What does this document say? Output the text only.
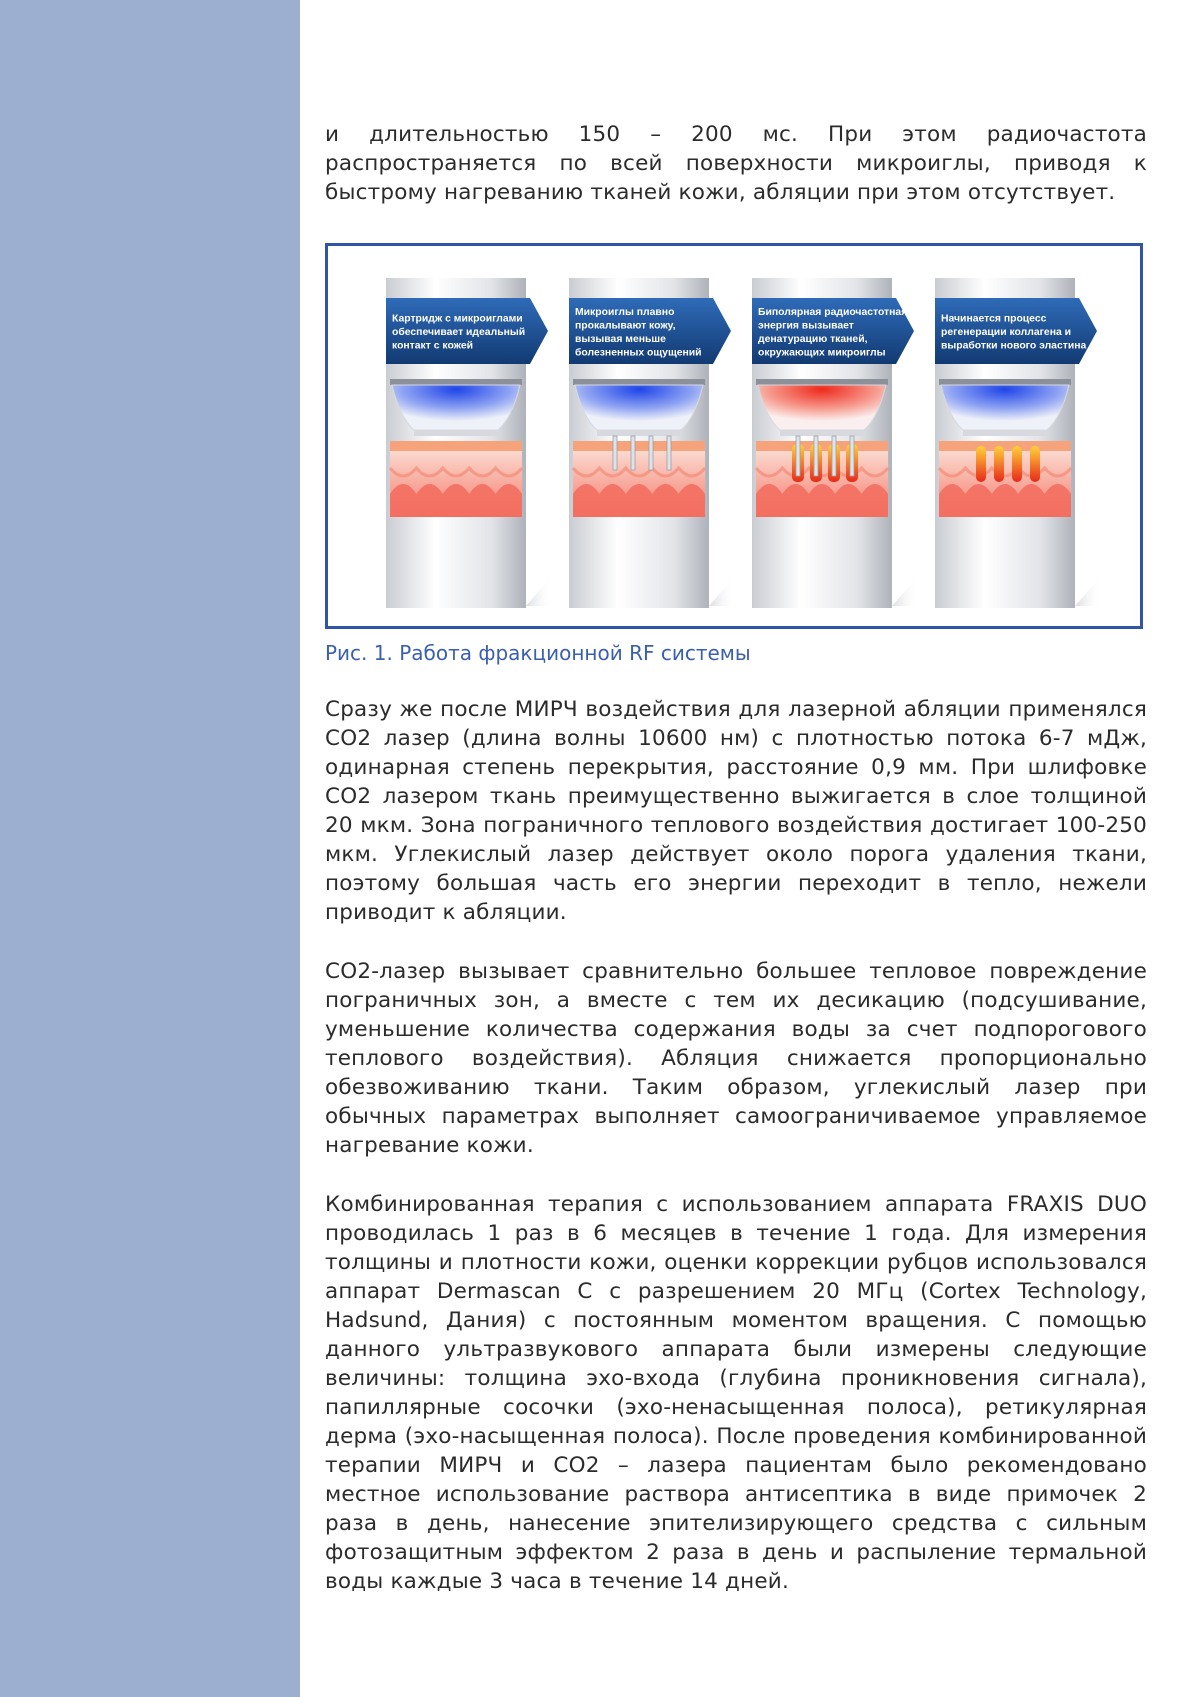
и длительностью 150 – 200 мс. При этом радиочастота распространяется по всей поверхности микроиглы, приводя к быстрому нагреванию тканей кожи, абляции при этом отсутствует.

Картридж с микроиглами
обеспечивает идеальный
контакт с кожей
Микроиглы плавно
прокалывают кожу,
вызывая меньше
болезненных ощущений
Биполярная радиочастотная
энергия вызывает
денатурацию тканей,
окружающих микроиглы
Начинается процесс
регенерации коллагена и
выработки нового эластина

Рис. 1. Работа фракционной RF системы

Сразу же после МИРЧ воздействия для лазерной абляции применялся СО2 лазер (длина волны 10600 нм) с плотностью потока 6-7 мДж, одинарная степень перекрытия, расстояние 0,9 мм. При шлифовке СО2 лазером ткань преимущественно выжигается в слое толщиной 20 мкм. Зона пограничного теплового воздействия достигает 100-250 мкм. Углекислый лазер действует около порога удаления ткани, поэтому большая часть его энергии переходит в тепло, нежели приводит к абляции.

СО2-лазер вызывает сравнительно большее тепловое повреждение пограничных зон, а вместе с тем их десикацию (подсушивание, уменьшение количества содержания воды за счет подпорогового теплового воздействия). Абляция снижается пропорционально обезвоживанию ткани. Таким образом, углекислый лазер при обычных параметрах выполняет самоограничиваемое управляемое нагревание кожи.

Комбинированная терапия с использованием аппарата FRAXIS DUO проводилась 1 раз в 6 месяцев в течение 1 года. Для измерения толщины и плотности кожи, оценки коррекции рубцов использовался аппарат Dermascan C с разрешением 20 МГц (Cortex Technology, Hadsund, Дания) с постоянным моментом вращения. С помощью данного ультразвукового аппарата были измерены следующие величины: толщина эхо-входа (глубина проникновения сигнала), папиллярные сосочки (эхо-ненасыщенная полоса), ретикулярная дерма (эхо-насыщенная полоса). После проведения комбинированной терапии МИРЧ и СО2 – лазера пациентам было рекомендовано местное использование раствора антисептика в виде примочек 2 раза в день, нанесение эпителизирующего средства с сильным фотозащитным эффектом 2 раза в день и распыление термальной воды каждые 3 часа в течение 14 дней.
